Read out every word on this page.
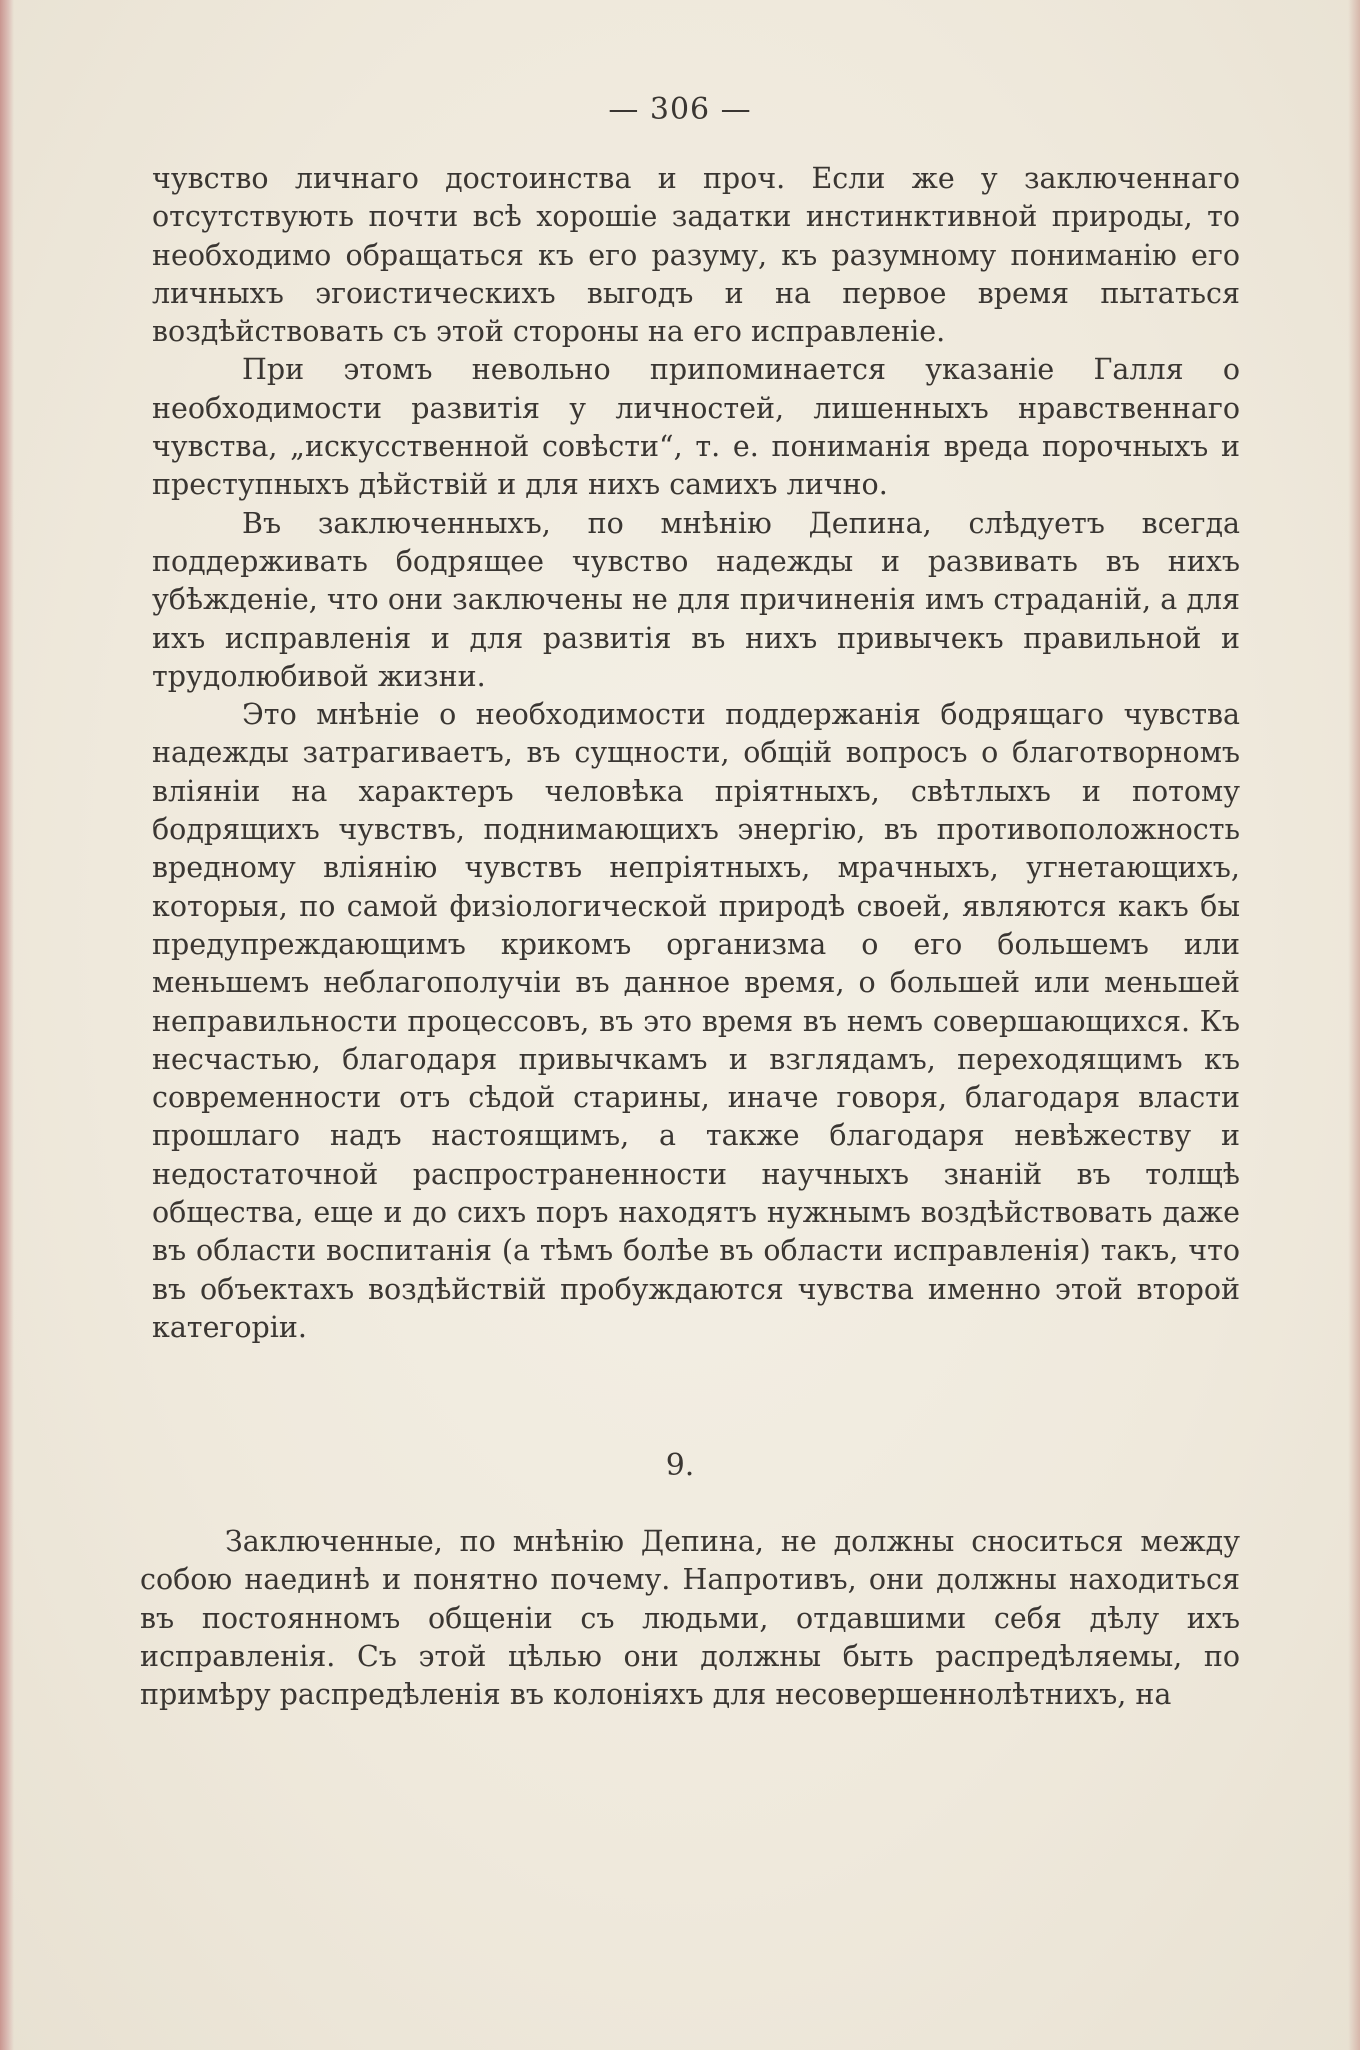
— 306 —

чувство личнаго достоинства и проч. Если же у заключеннаго отсутствують почти всѣ хорошіе задатки инстинктивной природы, то необходимо обращаться къ его разуму, къ разумному пониманію его личныхъ эгоистическихъ выгодъ и на первое время пытаться воздѣйствовать съ этой стороны на его исправленіе.

При этомъ невольно припоминается указаніе Галля о необходимости развитія у личностей, лишенныхъ нравственнаго чувства, „искусственной совѣсти“, т. е. пониманія вреда порочныхъ и преступныхъ дѣйствій и для нихъ самихъ лично.

Въ заключенныхъ, по мнѣнію Депина, слѣдуетъ всегда поддерживать бодрящее чувство надежды и развивать въ нихъ убѣжденіе, что они заключены не для причиненія имъ страданій, а для ихъ исправленія и для развитія въ нихъ привычекъ правильной и трудолюбивой жизни.

Это мнѣніе о необходимости поддержанія бодрящаго чувства надежды затрагиваетъ, въ сущности, общій вопросъ о благотворномъ вліяніи на характеръ человѣка пріятныхъ, свѣтлыхъ и потому бодрящихъ чувствъ, поднимающихъ энергію, въ противоположность вредному вліянію чувствъ непріятныхъ, мрачныхъ, угнетающихъ, которыя, по самой физіологической природѣ своей, являются какъ бы предупреждающимъ крикомъ организма о его большемъ или меньшемъ неблагополучіи въ данное время, о большей или меньшей неправильности процессовъ, въ это время въ немъ совершающихся. Къ несчастью, благодаря привычкамъ и взглядамъ, переходящимъ къ современности отъ сѣдой старины, иначе говоря, благодаря власти прошлаго надъ настоящимъ, а также благодаря невѣжеству и недостаточной распространенности научныхъ знаній въ толщѣ общества, еще и до сихъ поръ находятъ нужнымъ воздѣйствовать даже въ области воспитанія (а тѣмъ болѣе въ области исправленія) такъ, что въ объектахъ воздѣйствій пробуждаются чувства именно этой второй категоріи.

9.

Заключенные, по мнѣнію Депина, не должны сноситься между собою наединѣ и понятно почему. Напротивъ, они должны находиться въ постоянномъ общеніи съ людьми, отдавшими себя дѣлу ихъ исправленія. Съ этой цѣлью они должны быть распредѣляемы, по примѣру распредѣленія въ колоніяхъ для несовершеннолѣтнихъ, на
